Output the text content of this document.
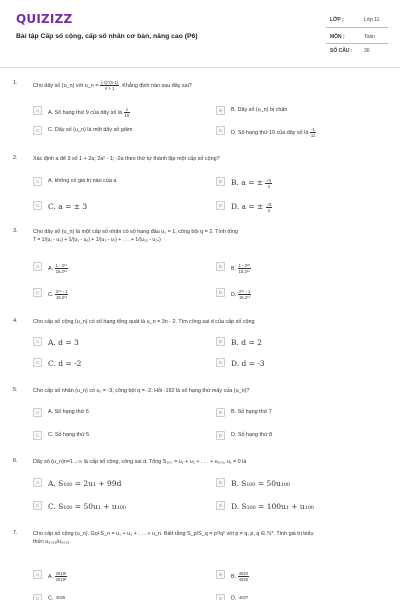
QUIZIZZ
Bài tập Cấp số cộng, cấp số nhân cơ bản, nâng cao (P6)
LỚP :	Lớp 11
MÔN :	Toán
SỐ CÂU : 30
1.	Cho dãy số (u_n) với u_n = $\frac{(-1)\^{}(n-1)}{n + 1}$ . Khẳng định nào sau đây sai?
A	A. Số hạng thứ 9 của dãy số là $\frac{1}{10}$	B	B. Dãy số (u_n) bị chặn
C	C. Dãy số (u_n) là một dãy số giảm	D	D. Số hạng thứ 10 của dãy số là $\frac{-1}{11}$
2.	Xác định a để 3 số 1 + 2a; 2a² - 1; -2a theo thứ tự thành lập một cấp số cộng?
A	A. không có giá trị nào của a	B	B. a = ± $\frac{√3}{4}$
C	C. a = ± 3	D	D. a = ± $\frac{√3}{2}$
3.	Cho dãy số (u_n) là một cấp số nhân có số hạng đầu u₁ = 1, công bội q = 2. Tính tổng
T = 1/(u₁ - u₅) + 1/(u₂ - u₆) + 1/(u₃ - u₇) + . . . + 1/(u₂₀ - u₂₄)
A	A. $\frac{\text{1 - 2¹⁹}}{\text{15.2¹⁸}}$	B	B. $\frac{\text{1 - 2²⁰}}{\text{15.2¹⁹}}$
C	C. $\frac{\text{2¹⁹ - 1}}{\text{15.2¹⁸}}$	D	D. $\frac{\text{2²⁰ - 1}}{\text{15.2¹⁹}}$
4.	Cho cấp số cộng (u_n) có số hạng tổng quát là u_n = 3n - 2. Tìm công sai d của cấp số cộng
A	A. d = 3	B	B. d = 2
C	C. d = -2	D	D. d = -3
5.	Cho cấp số nhân (u_n) có u₁ = -3, công bội q = -2. Hỏi -192 là số hạng thứ mấy của (u_n)?
A	A. Số hạng thứ 6	B	B. Số hạng thứ 7
C	C. Số hạng thứ 5	D	D. Số hạng thứ 8
6.	Dãy số (u_n)n=1→∞ là cấp số cộng, công sai d. Tổng S₁₀₀ = u₁ + u₂ + . . . + u₁₀₀, u₁ ≠ 0 là
A	A. S₁₀₀ = 2u₁ + 99d	B	B. S₁₀₀ = 50u₁₀₀
C	C. S₁₀₀ = 50u₁ + u₁₀₀	D	D. S₁₀₀ = 100u₁ + u₁₀₀
7.	Cho cấp số cộng (u_n). Gọi S_n = u₁ + u₂ + . . . + u_n. Biết rằng S_p/S_q = p²/q² với p ≠ q, p, q ∈ ℕ*. Tính giá trị biểu
thức u₂₀₁₈/u₂₀₁₉
A	A. $\frac{\text{2018²}}{\text{2019²}}$	B	B. $\frac{4033}{4035}$
C	C. 4035	D	D. 4037
